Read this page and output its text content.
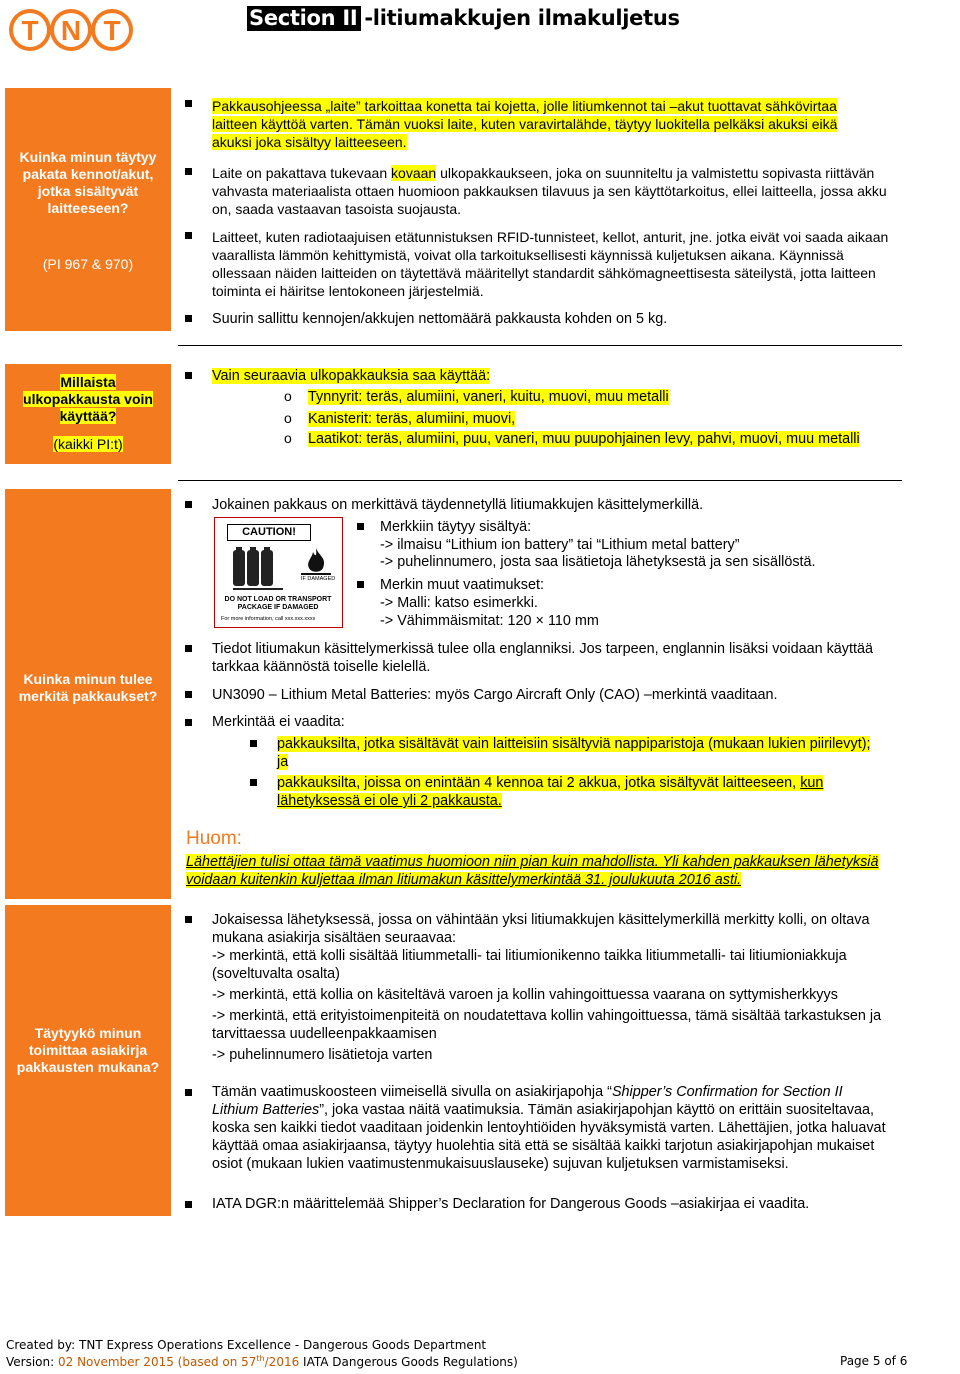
T N T	Section II -litiumakkujen ilmakuljetus
Kuinka minun täytyy pakata kennot/akut, jotka sisältyvät laitteeseen?
(PI 967 & 970)
Pakkausohjeessa „laite” tarkoittaa konetta tai kojetta, jolle litiumkennot tai –akut tuottavat sähkövirtaa laitteen käyttöä varten. Tämän vuoksi laite, kuten varavirtalähde, täytyy luokitella pelkäksi akuksi eikä akuksi joka sisältyy laitteeseen.
Laite on pakattava tukevaan kovaan ulkopakkaukseen, joka on suunniteltu ja valmistettu sopivasta riittävän vahvasta materiaalista ottaen huomioon pakkauksen tilavuus ja sen käyttötarkoitus, ellei laitteella, jossa akku on, saada vastaavan tasoista suojausta.
Laitteet, kuten radiotaajuisen etätunnistuksen RFID-tunnisteet, kellot, anturit, jne. jotka eivät voi saada aikaan vaarallista lämmön kehittymistä, voivat olla tarkoituksellisesti käynnissä kuljetuksen aikana. Käynnissä ollessaan näiden laitteiden on täytettävä määritellyt standardit sähkömagneettisesta säteilystä, jotta laitteen toiminta ei häiritse lentokoneen järjestelmiä.
Suurin sallittu kennojen/akkujen nettomäärä pakkausta kohden on 5 kg.
Millaista ulkopakkausta voin käyttää?
(kaikki PI:t)
Vain seuraavia ulkopakkauksia saa käyttää:
o Tynnyrit: teräs, alumiini, vaneri, kuitu, muovi, muu metalli
o Kanisterit: teräs, alumiini, muovi,
o Laatikot: teräs, alumiini, puu, vaneri, muu puupohjainen levy, pahvi, muovi, muu metalli
Kuinka minun tulee merkitä pakkaukset?
Jokainen pakkaus on merkittävä täydennetyllä litiumakkujen käsittelymerkillä.
CAUTION!
IF DAMAGED
DO NOT LOAD OR TRANSPORT PACKAGE IF DAMAGED
For more information, call xxx.xxx.xxxx
Merkkiin täytyy sisältyä:
-> ilmaisu “Lithium ion battery” tai “Lithium metal battery”
-> puhelinnumero, josta saa lisätietoja lähetyksestä ja sen sisällöstä.
Merkin muut vaatimukset:
-> Malli: katso esimerkki.
-> Vähimmäismitat: 120 × 110 mm
Tiedot litiumakun käsittelymerkissä tulee olla englanniksi. Jos tarpeen, englannin lisäksi voidaan käyttää tarkkaa käännöstä toiselle kielellä.
UN3090 – Lithium Metal Batteries: myös Cargo Aircraft Only (CAO) –merkintä vaaditaan.
Merkintää ei vaadita:
pakkauksilta, jotka sisältävät vain laitteisiin sisältyviä nappiparistoja (mukaan lukien piirilevyt); ja
pakkauksilta, joissa on enintään 4 kennoa tai 2 akkua, jotka sisältyvät laitteeseen, kun lähetyksessä ei ole yli 2 pakkausta.
Huom:
Lähettäjien tulisi ottaa tämä vaatimus huomioon niin pian kuin mahdollista. Yli kahden pakkauksen lähetyksiä voidaan kuitenkin kuljettaa ilman litiumakun käsittelymerkintää 31. joulukuuta 2016 asti.
Täytyykö minun toimittaa asiakirja pakkausten mukana?

Jokaisessa lähetyksessä, jossa on vähintään yksi litiumakkujen käsittelymerkillä merkitty kolli, on oltava mukana asiakirja sisältäen seuraavaa:

-> merkintä, että kolli sisältää litiummetalli- tai litiumionikenno taikka litiummetalli- tai litiumioniakkuja (soveltuvalta osalta)

-> merkintä, että kollia on käsiteltävä varoen ja kollin vahingoittuessa vaarana on syttymisherkkyys

-> merkintä, että erityistoimenpiteitä on noudatettava kollin vahingoittuessa, tämä sisältää tarkastuksen ja tarvittaessa uudelleenpakkaamisen

-> puhelinnumero lisätietoja varten

Tämän vaatimuskoosteen viimeisellä sivulla on asiakirjapohja “Shipper’s Confirmation for Section II Lithium Batteries”, joka vastaa näitä vaatimuksia. Tämän asiakirjapohjan käyttö on erittäin suositeltavaa, koska sen kaikki tiedot vaaditaan joidenkin lentoyhtiöiden hyväksymistä varten. Lähettäjien, jotka haluavat käyttää omaa asiakirjaansa, täytyy huolehtia sitä että se sisältää kaikki tarjotun asiakirjapohjan mukaiset osiot (mukaan lukien vaatimustenmukaisuuslauseke) sujuvan kuljetuksen varmistamiseksi.
IATA DGR:n määrittelemää Shipper’s Declaration for Dangerous Goods –asiakirjaa ei vaadita.
Created by: TNT Express Operations Excellence - Dangerous Goods Department
Version: 02 November 2015 (based on 57th/2016 IATA Dangerous Goods Regulations)	Page 5 of 6
